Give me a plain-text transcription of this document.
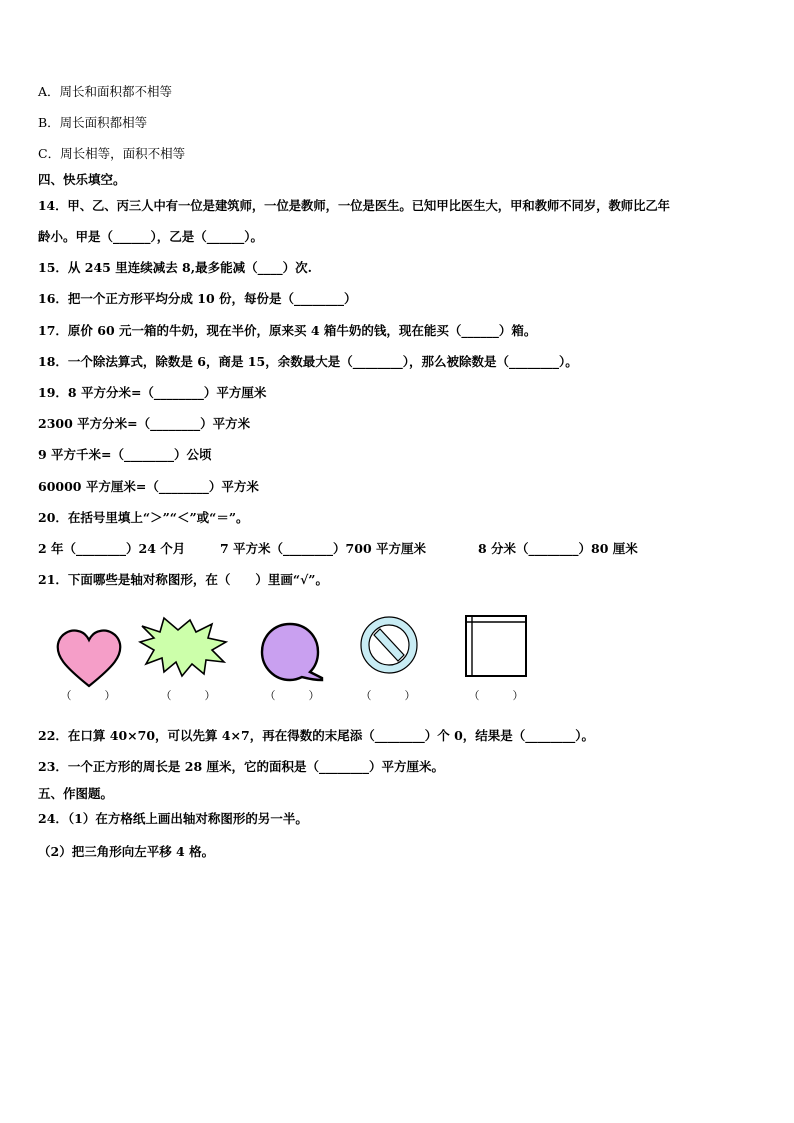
A．周长和面积都不相等
B．周长面积都相等
C．周长相等，面积不相等
四、快乐填空。
14．甲、乙、丙三人中有一位是建筑师，一位是教师，一位是医生。已知甲比医生大，甲和教师不同岁，教师比乙年
龄小。甲是（______），乙是（______）。
15．从 245 里连续减去 8,最多能减（____）次.
16．把一个正方形平均分成 10 份，每份是（________）
17．原价 60 元一箱的牛奶，现在半价，原来买 4 箱牛奶的钱，现在能买（______）箱。
18．一个除法算式，除数是 6，商是 15，余数最大是（________），那么被除数是（________）。
19．8 平方分米=（________）平方厘米
2300 平方分米=（________）平方米
9 平方千米=（________）公顷
60000 平方厘米=（________）平方米
20．在括号里填上“＞”“＜”或“＝”。
2 年（________）24 个月	7 平方米（________）700 平方厘米	8 分米（________）80 厘米
21．下面哪些是轴对称图形，在（　　）里画“√”。
（　　　）	（　　　）	（　　　）	（　　　）	（　　　）
22．在口算 40×70，可以先算 4×7，再在得数的末尾添（________）个 0，结果是（________）。
23．一个正方形的周长是 28 厘米，它的面积是（________）平方厘米。
五、作图题。
24．（1）在方格纸上画出轴对称图形的另一半。
（2）把三角形向左平移 4 格。
